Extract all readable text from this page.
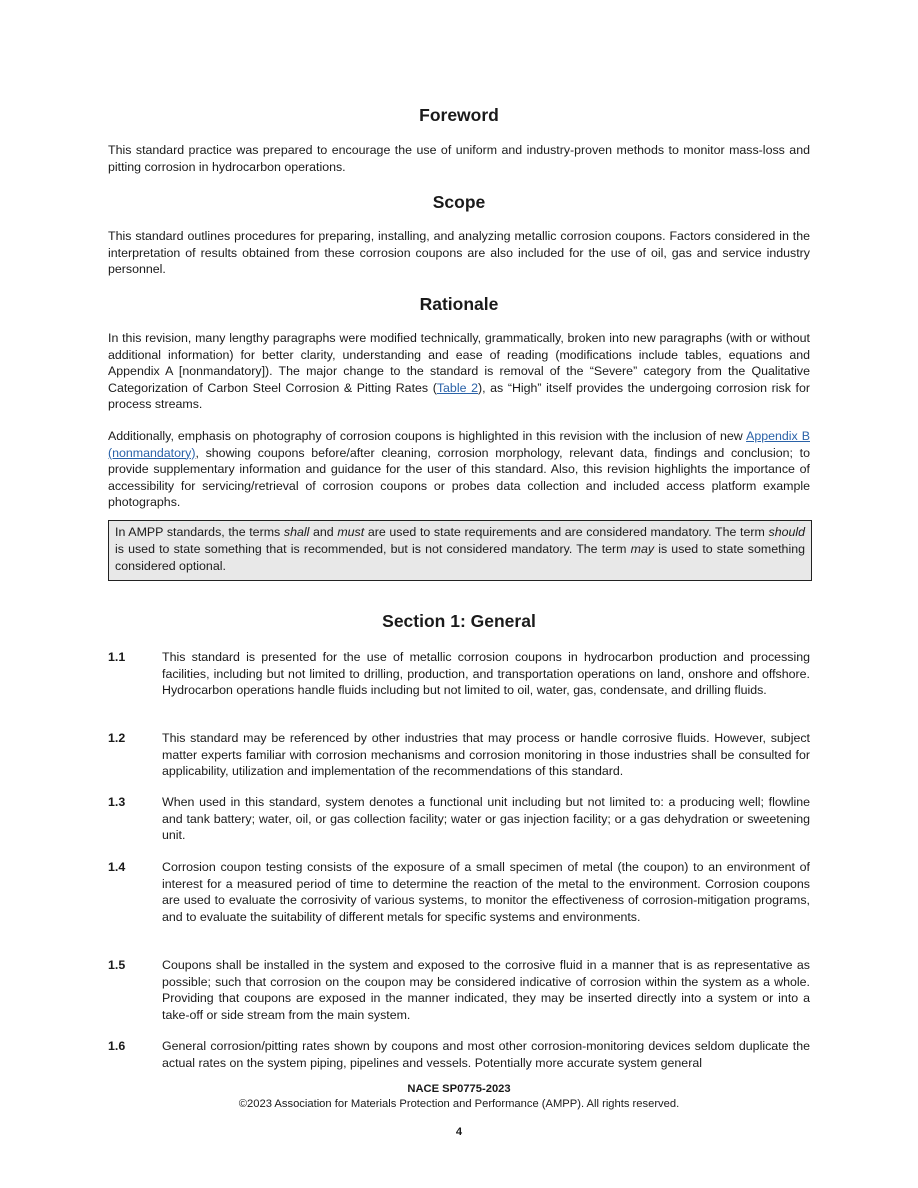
Foreword

This standard practice was prepared to encourage the use of uniform and industry-proven methods to monitor mass-loss and pitting corrosion in hydrocarbon operations.

Scope

This standard outlines procedures for preparing, installing, and analyzing metallic corrosion coupons. Factors considered in the interpretation of results obtained from these corrosion coupons are also included for the use of oil, gas and service industry personnel.

Rationale

In this revision, many lengthy paragraphs were modified technically, grammatically, broken into new paragraphs (with or without additional information) for better clarity, understanding and ease of reading (modifications include tables, equations and Appendix A [nonmandatory]). The major change to the standard is removal of the “Severe” category from the Qualitative Categorization of Carbon Steel Corrosion & Pitting Rates (Table 2), as “High” itself provides the undergoing corrosion risk for process streams.

Additionally, emphasis on photography of corrosion coupons is highlighted in this revision with the inclusion of new Appendix B (nonmandatory), showing coupons before/after cleaning, corrosion morphology, relevant data, findings and conclusion; to provide supplementary information and guidance for the user of this standard. Also, this revision highlights the importance of accessibility for servicing/retrieval of corrosion coupons or probes data collection and included access platform example photographs.

In AMPP standards, the terms shall and must are used to state requirements and are considered mandatory. The term should is used to state something that is recommended, but is not considered mandatory. The term may is used to state something considered optional.
Section 1: General
1.1	This standard is presented for the use of metallic corrosion coupons in hydrocarbon production and processing facilities, including but not limited to drilling, production, and transportation operations on land, onshore and offshore. Hydrocarbon operations handle fluids including but not limited to oil, water, gas, condensate, and drilling fluids.
1.2	This standard may be referenced by other industries that may process or handle corrosive fluids. However, subject matter experts familiar with corrosion mechanisms and corrosion monitoring in those industries shall be consulted for applicability, utilization and implementation of the recommendations of this standard.
1.3	When used in this standard, system denotes a functional unit including but not limited to: a producing well; flowline and tank battery; water, oil, or gas collection facility; water or gas injection facility; or a gas dehydration or sweetening unit.
1.4	Corrosion coupon testing consists of the exposure of a small specimen of metal (the coupon) to an environment of interest for a measured period of time to determine the reaction of the metal to the environment. Corrosion coupons are used to evaluate the corrosivity of various systems, to monitor the effectiveness of corrosion-mitigation programs, and to evaluate the suitability of different metals for specific systems and environments.
1.5	Coupons shall be installed in the system and exposed to the corrosive fluid in a manner that is as representative as possible; such that corrosion on the coupon may be considered indicative of corrosion within the system as a whole. Providing that coupons are exposed in the manner indicated, they may be inserted directly into a system or into a take-off or side stream from the main system.
1.6	General corrosion/pitting rates shown by coupons and most other corrosion-monitoring devices seldom duplicate the actual rates on the system piping, pipelines and vessels. Potentially more accurate system general
NACE SP0775-2023
©2023 Association for Materials Protection and Performance (AMPP). All rights reserved.
4
